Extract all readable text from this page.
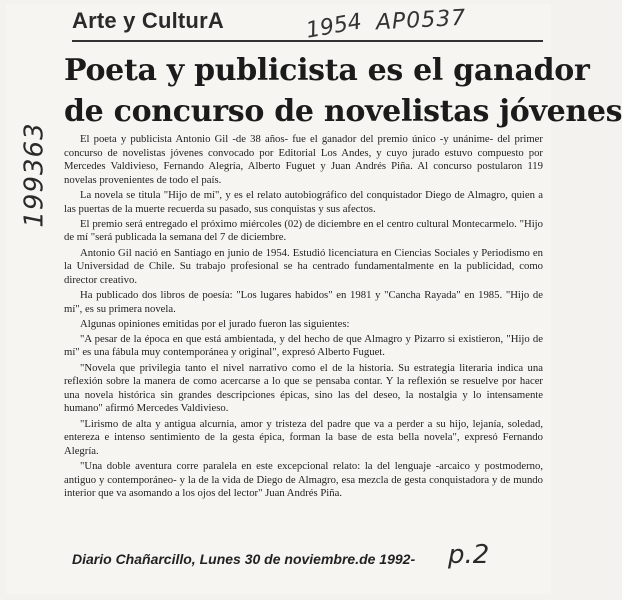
Arte y CulturA	1954 AP0537
199363
Poeta y publicista es el ganador
de concurso de novelistas jóvenes

El poeta y publicista Antonio Gil -de 38 años- fue el ganador del premio único -y unánime- del primer concurso de novelistas jóvenes convocado por Editorial Los Andes, y cuyo jurado estuvo compuesto por Mercedes Valdivieso, Fernando Alegría, Alberto Fuguet y Juan Andrés Piña. Al concurso postularon 119 novelas provenientes de todo el país.

La novela se titula "Hijo de mí", y es el relato autobiográfico del conquistador Diego de Almagro, quien a las puertas de la muerte recuerda su pasado, sus conquistas y sus afectos.

El premio será entregado el próximo miércoles (02) de diciembre en el centro cultural Montecarmelo. "Hijo de mí "será publicada la semana del 7 de diciembre.

Antonio Gil nació en Santiago en junio de 1954. Estudió licenciatura en Ciencias Sociales y Periodismo en la Universidad de Chile. Su trabajo profesional se ha centrado fundamentalmente en la publicidad, como director creativo.

Ha publicado dos libros de poesía: "Los lugares habidos" en 1981 y "Cancha Rayada" en 1985. "Hijo de mí", es su primera novela.

Algunas opiniones emitidas por el jurado fueron las siguientes:

"A pesar de la época en que está ambientada, y del hecho de que Almagro y Pizarro si existieron, "Hijo de mí" es una fábula muy contemporánea y original", expresó Alberto Fuguet.

"Novela que privilegia tanto el nivel narrativo como el de la historia. Su estrategia literaria indica una reflexión sobre la manera de como acercarse a lo que se pensaba contar. Y la reflexión se resuelve por hacer una novela histórica sin grandes descripciones épicas, sino las del deseo, la nostalgia y lo intensamente humano" afirmó Mercedes Valdivieso.

"Lirismo de alta y antigua alcurnia, amor y tristeza del padre que va a perder a su hijo, lejanía, soledad, entereza e intenso sentimiento de la gesta épica, forman la base de esta bella novela", expresó Fernando Alegría.

"Una doble aventura corre paralela en este excepcional relato: la del lenguaje -arcaico y postmoderno, antiguo y contemporáneo- y la de la vida de Diego de Almagro, esa mezcla de gesta conquistadora y de mundo interior que va asomando a los ojos del lector" Juan Andrés Piña.

Diario Chañarcillo, Lunes 30 de noviembre.de 1992- p.2
